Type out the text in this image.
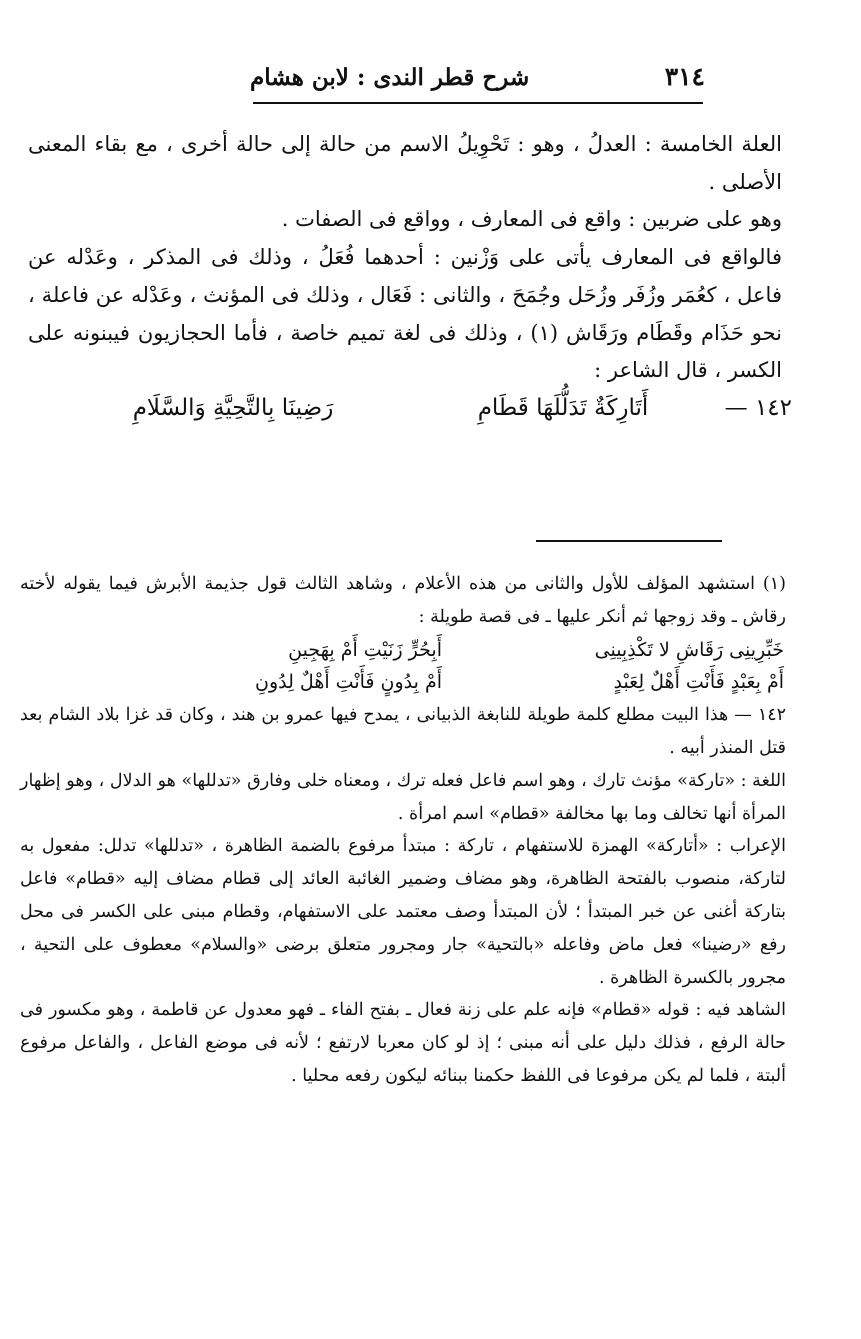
٣١٤
شرح قطر الندى : لابن هشام

العلة الخامسة : العدلُ ، وهو : تَحْوِيلُ الاسم من حالة إلى حالة أخرى ، مع بقاء المعنى الأصلى .

وهو على ضربين : واقع فى المعارف ، وواقع فى الصفات .

فالواقع فى المعارف يأتى على وَزْنين : أحدهما فُعَلُ ، وذلك فى المذكر ، وعَدْله عن فاعل ، كعُمَر وزُفَر وزُحَل وجُمَحَ ، والثانى : فَعَال ، وذلك فى المؤنث ، وعَدْله عن فاعلة ، نحو حَذَام وقَطَام ورَقَاش (١) ، وذلك فى لغة تميم خاصة ، فأما الحجازيون فيبنونه على الكسر ، قال الشاعر :

١٤٢ —
أَتَارِكَةٌ تَدَلُّلَهَا قَطَامِ
رَضِينَا بِالتَّحِيَّةِ وَالسَّلَامِ

(١) استشهد المؤلف للأول والثانى من هذه الأعلام ، وشاهد الثالث قول جذيمة الأبرش فيما يقوله لأخته رقاش ـ وقد زوجها ثم أنكر عليها ـ فى قصة طويلة :

خَبِّرِينِى رَقَاشِ لا تَكْذِبِينِى
أَبِحُرٍّ زَنَيْتِ أَمْ بِهَجِينِ
أَمْ بِعَبْدٍ فَأَنْتِ أَهْلٌ لِعَبْدٍ
أَمْ بِدُونٍ فَأَنْتِ أَهْلٌ لِدُونِ

١٤٢ — هذا البيت مطلع كلمة طويلة للنابغة الذبيانى ، يمدح فيها عمرو بن هند ، وكان قد غزا بلاد الشام بعد قتل المنذر أبيه .

اللغة : «تاركة» مؤنث تارك ، وهو اسم فاعل فعله ترك ، ومعناه خلى وفارق «تدللها» هو الدلال ، وهو إظهار المرأة أنها تخالف وما بها مخالفة «قطام» اسم امرأة .

الإعراب : «أتاركة» الهمزة للاستفهام ، تاركة : مبتدأ مرفوع بالضمة الظاهرة ، «تدللها» تدلل: مفعول به لتاركة، منصوب بالفتحة الظاهرة، وهو مضاف وضمير الغائبة العائد إلى قطام مضاف إليه «قطام» فاعل بتاركة أغنى عن خبر المبتدأ ؛ لأن المبتدأ وصف معتمد على الاستفهام، وقطام مبنى على الكسر فى محل رفع «رضينا» فعل ماض وفاعله «بالتحية» جار ومجرور متعلق برضى «والسلام» معطوف على التحية ، مجرور بالكسرة الظاهرة .

الشاهد فيه : قوله «قطام» فإنه علم على زنة فعال ـ بفتح الفاء ـ فهو معدول عن قاطمة ، وهو مكسور فى حالة الرفع ، فذلك دليل على أنه مبنى ؛ إذ لو كان معربا لارتفع ؛ لأنه فى موضع الفاعل ، والفاعل مرفوع ألبتة ، فلما لم يكن مرفوعا فى اللفظ حكمنا ببنائه ليكون رفعه محليا .
